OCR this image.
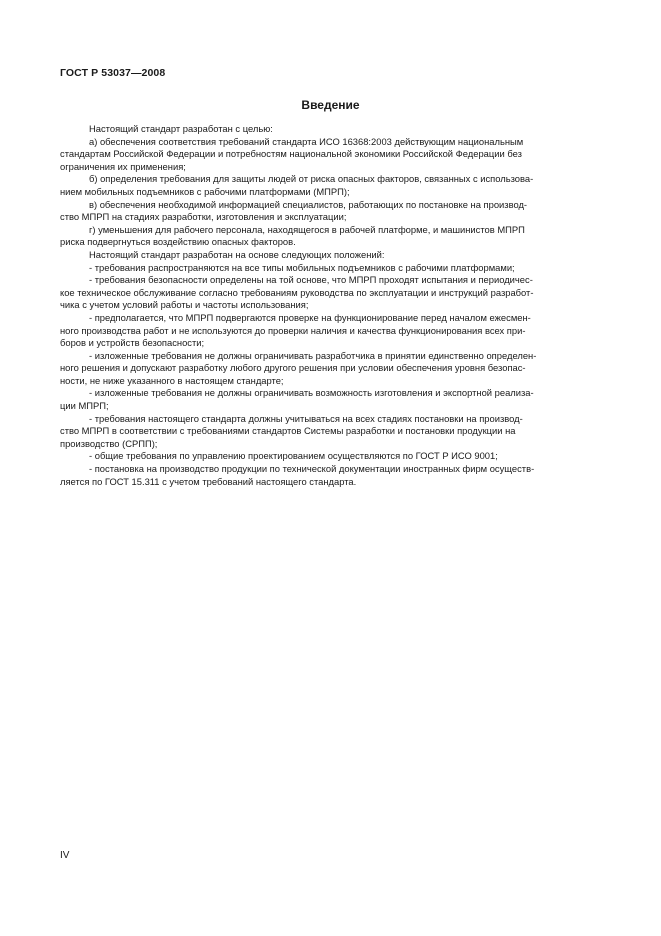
ГОСТ Р 53037—2008
Введение
Настоящий стандарт разработан с целью:
а) обеспечения соответствия требований стандарта ИСО 16368:2003 действующим национальным
стандартам Российской Федерации и потребностям национальной экономики Российской Федерации без
ограничения их применения;
б) определения требования для защиты людей от риска опасных факторов, связанных с использова-
нием мобильных подъемников с рабочими платформами (МПРП);
в) обеспечения необходимой информацией специалистов, работающих по постановке на производ-
ство МПРП на стадиях разработки, изготовления и эксплуатации;
г) уменьшения для рабочего персонала, находящегося в рабочей платформе, и машинистов МПРП
риска подвергнуться воздействию опасных факторов.
Настоящий стандарт разработан на основе следующих положений:
- требования распространяются на все типы мобильных подъемников с рабочими платформами;
- требования безопасности определены на той основе, что МПРП проходят испытания и периодичес-
кое техническое обслуживание согласно требованиям руководства по эксплуатации и инструкций разработ-
чика с учетом условий работы и частоты использования;
- предполагается, что МПРП подвергаются проверке на функционирование перед началом ежесмен-
ного производства работ и не используются до проверки наличия и качества функционирования всех при-
боров и устройств безопасности;
- изложенные требования не должны ограничивать разработчика в принятии единственно определен-
ного решения и допускают разработку любого другого решения при условии обеспечения уровня безопас-
ности, не ниже указанного в настоящем стандарте;
- изложенные требования не должны ограничивать возможность изготовления и экспортной реализа-
ции МПРП;
- требования настоящего стандарта должны учитываться на всех стадиях постановки на производ-
ство МПРП в соответствии с требованиями стандартов Системы разработки и постановки продукции на
производство (СРПП);
- общие требования по управлению проектированием осуществляются по ГОСТ Р ИСО 9001;
- постановка на производство продукции по технической документации иностранных фирм осуществ-
ляется по ГОСТ 15.311 с учетом требований настоящего стандарта.
IV
